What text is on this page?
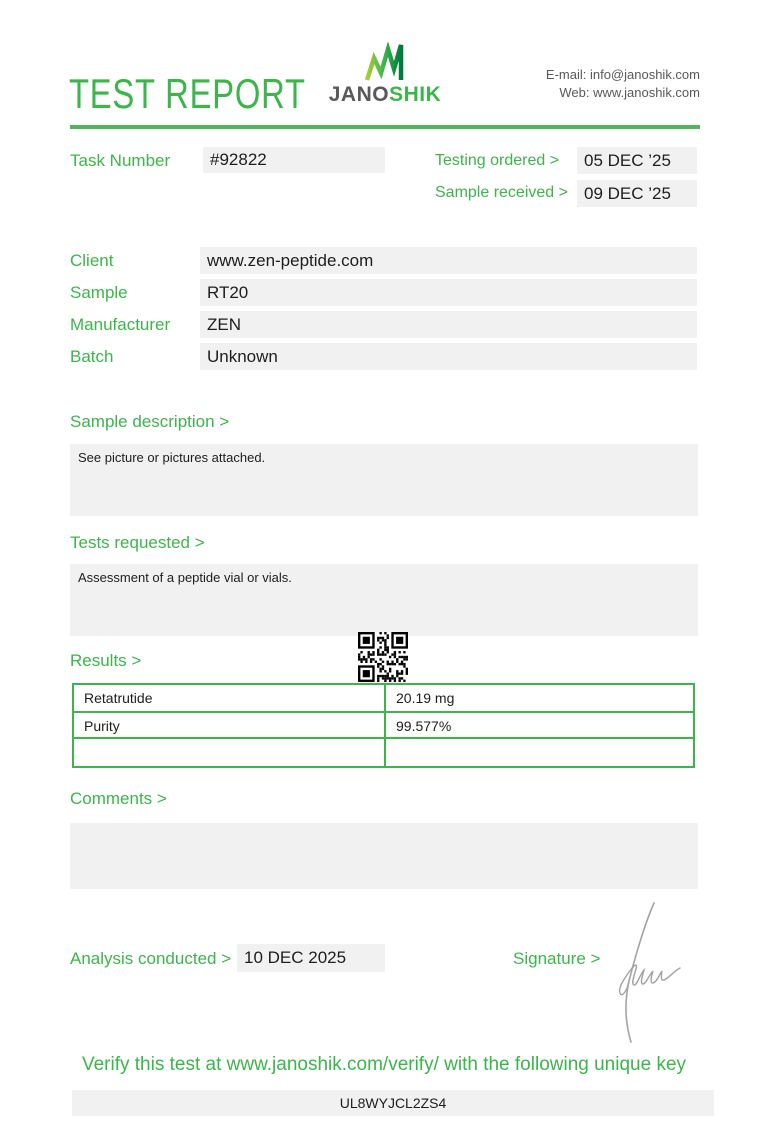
TEST REPORT JANOSHIK
E-mail: info@janoshik.com
Web: www.janoshik.com
Task Number	#92822	Testing ordered >	05 DEC ’25
Sample received > 09 DEC ’25
Client	www.zen-peptide.com
Sample	RT20
Manufacturer	ZEN
Batch	Unknown
Sample description >
See picture or pictures attached.
Tests requested >
Assessment of a peptide vial or vials.
Results >
Retatrutide	20.19 mg
Purity	99.577%
Comments >
Analysis conducted > 10 DEC 2025	Signature >
Verify this test at www.janoshik.com/verify/ with the following unique key
UL8WYJCL2ZS4
